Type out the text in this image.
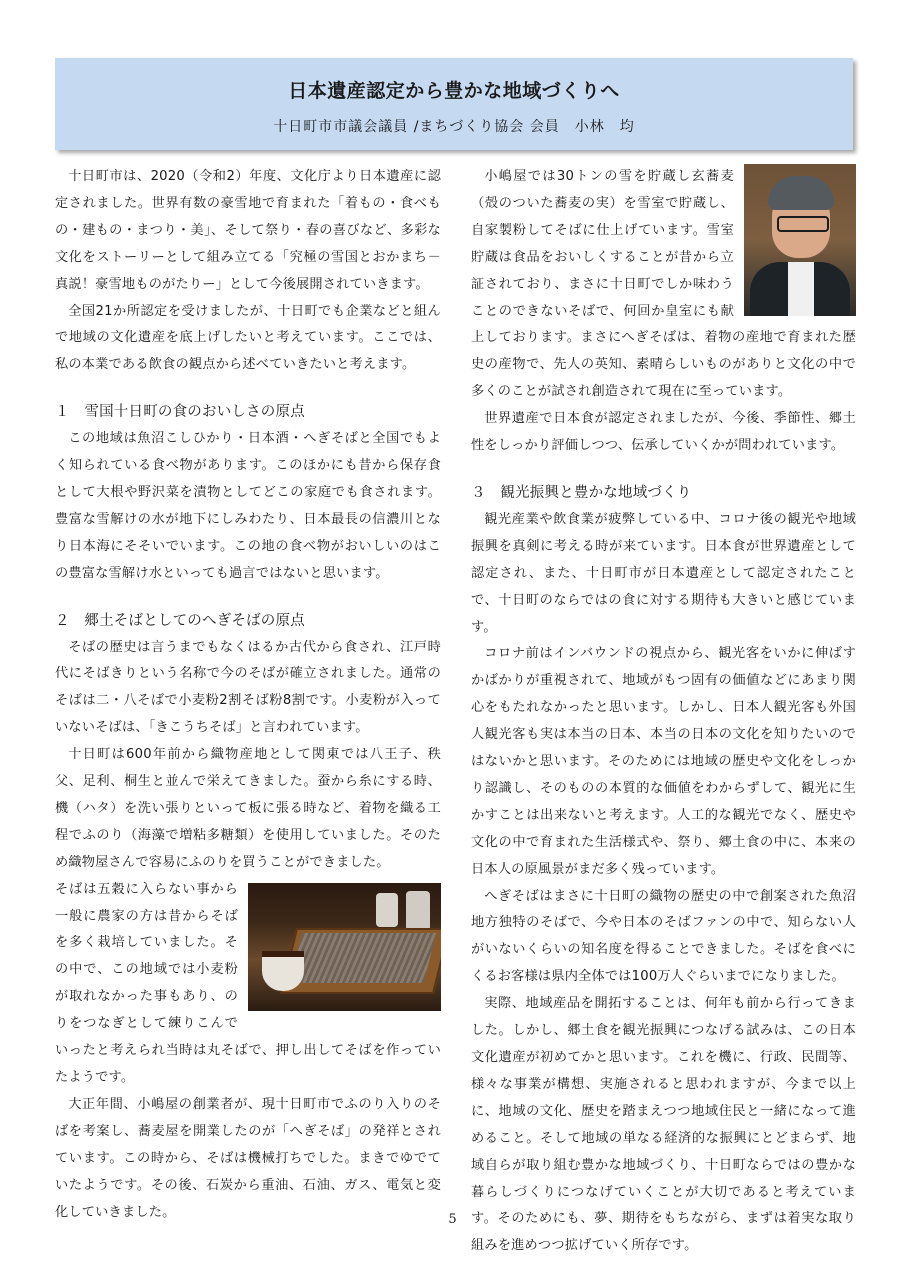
日本遺産認定から豊かな地域づくりへ
十日町市市議会議員 /まちづくり協会 会員　小林　均

十日町市は、2020（令和2）年度、文化庁より日本遺産に認定されました。世界有数の豪雪地で育まれた「着もの・食べもの・建もの・まつり・美」、そして祭り・春の喜びなど、多彩な文化をストーリーとして組み立てる「究極の雪国とおかまち－真説！豪雪地ものがたりー」として今後展開されていきます。

全国21か所認定を受けましたが、十日町でも企業などと組んで地域の文化遺産を底上げしたいと考えています。ここでは、私の本業である飲食の観点から述べていきたいと考えます。

１　雪国十日町の食のおいしさの原点

この地域は魚沼こしひかり・日本酒・へぎそばと全国でもよく知られている食べ物があります。このほかにも昔から保存食として大根や野沢菜を漬物としてどこの家庭でも食されます。豊富な雪解けの水が地下にしみわたり、日本最長の信濃川となり日本海にそそいでいます。この地の食べ物がおいしいのはこの豊富な雪解け水といっても過言ではないと思います。

２　郷土そばとしてのへぎそばの原点

そばの歴史は言うまでもなくはるか古代から食され、江戸時代にそばきりという名称で今のそばが確立されました。通常のそばは二・八そばで小麦粉2割そば粉8割です。小麦粉が入っていないそばは、「きこうちそば」と言われています。

十日町は600年前から織物産地として関東では八王子、秩父、足利、桐生と並んで栄えてきました。蚕から糸にする時、機（ハタ）を洗い張りといって板に張る時など、着物を織る工程でふのり（海藻で増粘多糖類）を使用していました。そのため織物屋さんで容易にふのりを買うことができました。

そばは五穀に入らない事から一般に農家の方は昔からそばを多く栽培していました。その中で、この地域では小麦粉が取れなかった事もあり、のりをつなぎとして練りこんでいったと考えられ当時は丸そばで、押し出してそばを作っていたようです。

大正年間、小嶋屋の創業者が、現十日町市でふのり入りのそばを考案し、蕎麦屋を開業したのが「へぎそば」の発祥とされています。この時から、そばは機械打ちでした。まきでゆでていたようです。その後、石炭から重油、石油、ガス、電気と変化していきました。

小嶋屋では30トンの雪を貯蔵し玄蕎麦（殻のついた蕎麦の実）を雪室で貯蔵し、自家製粉してそばに仕上げています。雪室貯蔵は食品をおいしくすることが昔から立証されており、まさに十日町でしか味わうことのできないそばで、何回か皇室にも献上しております。まさにへぎそばは、着物の産地で育まれた歴史の産物で、先人の英知、素晴らしいものがありと文化の中で多くのことが試され創造されて現在に至っています。

世界遺産で日本食が認定されましたが、今後、季節性、郷土性をしっかり評価しつつ、伝承していくかが問われています。

３　観光振興と豊かな地域づくり

観光産業や飲食業が疲弊している中、コロナ後の観光や地域振興を真剣に考える時が来ています。日本食が世界遺産として認定され、また、十日町市が日本遺産として認定されたことで、十日町のならではの食に対する期待も大きいと感じています。

コロナ前はインバウンドの視点から、観光客をいかに伸ばすかばかりが重視されて、地域がもつ固有の価値などにあまり関心をもたれなかったと思います。しかし、日本人観光客も外国人観光客も実は本当の日本、本当の日本の文化を知りたいのではないかと思います。そのためには地域の歴史や文化をしっかり認識し、そのものの本質的な価値をわからずして、観光に生かすことは出来ないと考えます。人工的な観光でなく、歴史や文化の中で育まれた生活様式や、祭り、郷土食の中に、本来の日本人の原風景がまだ多く残っています。

へぎそばはまさに十日町の織物の歴史の中で創案された魚沼地方独特のそばで、今や日本のそばファンの中で、知らない人がいないくらいの知名度を得ることできました。そばを食べにくるお客様は県内全体では100万人ぐらいまでになりました。

実際、地域産品を開拓することは、何年も前から行ってきました。しかし、郷土食を観光振興につなげる試みは、この日本文化遺産が初めてかと思います。これを機に、行政、民間等、様々な事業が構想、実施されると思われますが、今まで以上に、地域の文化、歴史を踏まえつつ地域住民と一緒になって進めること。そして地域の単なる経済的な振興にとどまらず、地域自らが取り組む豊かな地域づくり、十日町ならではの豊かな暮らしづくりにつなげていくことが大切であると考えています。そのためにも、夢、期待をもちながら、まずは着実な取り組みを進めつつ拡げていく所存です。

5
